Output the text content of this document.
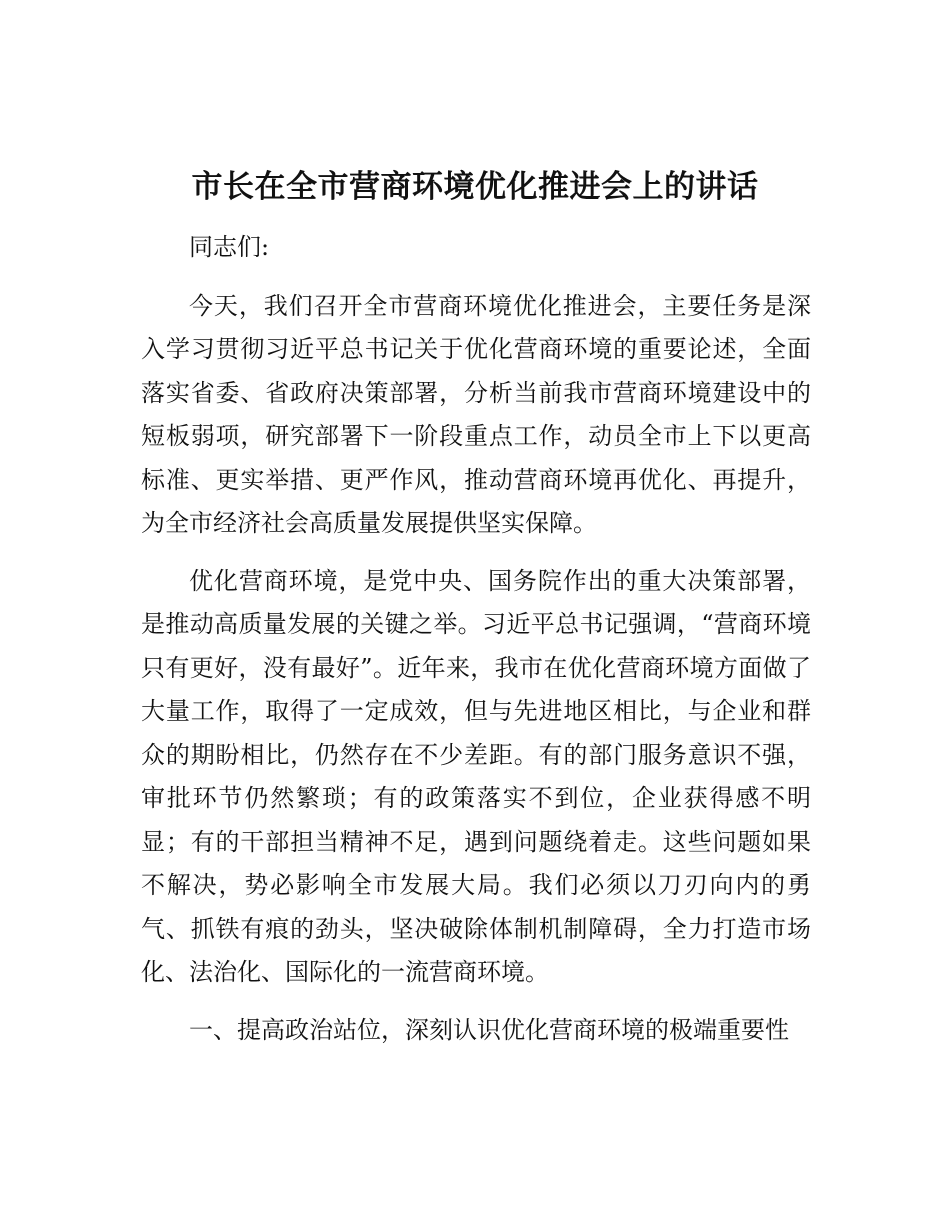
市长在全市营商环境优化推进会上的讲话

同志们:

今天，我们召开全市营商环境优化推进会，主要任务是深入学习贯彻习近平总书记关于优化营商环境的重要论述，全面落实省委、省政府决策部署，分析当前我市营商环境建设中的短板弱项，研究部署下一阶段重点工作，动员全市上下以更高标准、更实举措、更严作风，推动营商环境再优化、再提升，为全市经济社会高质量发展提供坚实保障。

优化营商环境，是党中央、国务院作出的重大决策部署，是推动高质量发展的关键之举。习近平总书记强调，“营商环境只有更好，没有最好”。近年来，我市在优化营商环境方面做了大量工作，取得了一定成效，但与先进地区相比，与企业和群众的期盼相比，仍然存在不少差距。有的部门服务意识不强，审批环节仍然繁琐；有的政策落实不到位，企业获得感不明显；有的干部担当精神不足，遇到问题绕着走。这些问题如果不解决，势必影响全市发展大局。我们必须以刀刃向内的勇气、抓铁有痕的劲头，坚决破除体制机制障碍，全力打造市场化、法治化、国际化的一流营商环境。

一、提高政治站位，深刻认识优化营商环境的极端重要性
